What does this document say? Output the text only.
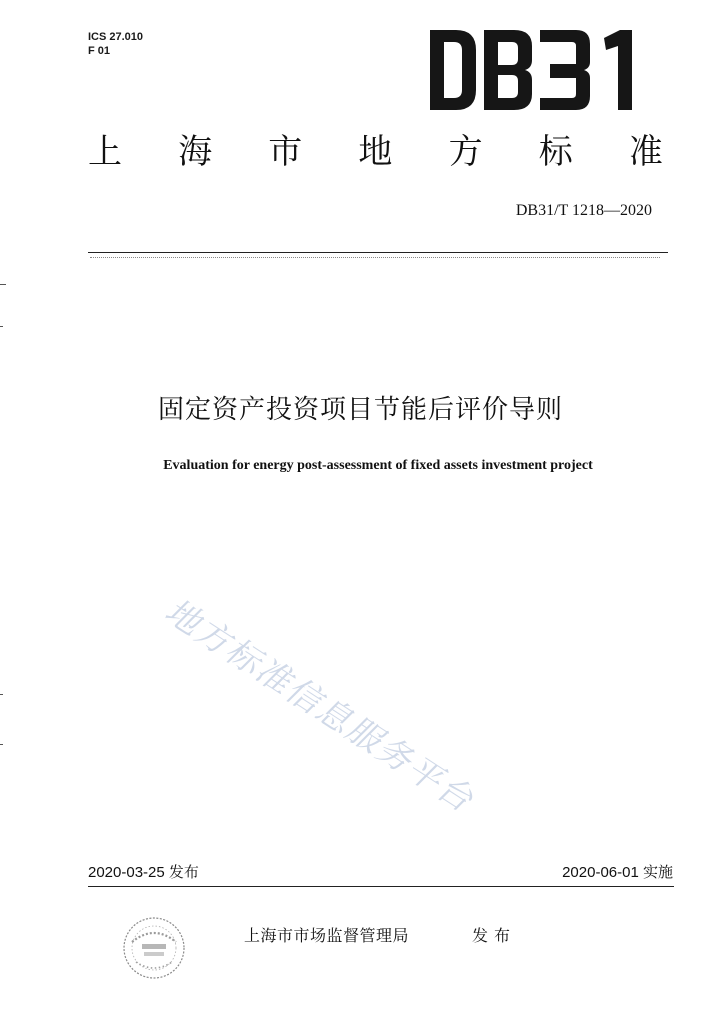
ICS 27.010
F 01
上 海 市 地 方 标 准
DB31/T 1218—2020
固定资产投资项目节能后评价导则
Evaluation for energy post-assessment of fixed assets investment project
地方标准信息服务平台
2020-03-25 发布	2020-06-01 实施
上海市市场监督管理局	发布
